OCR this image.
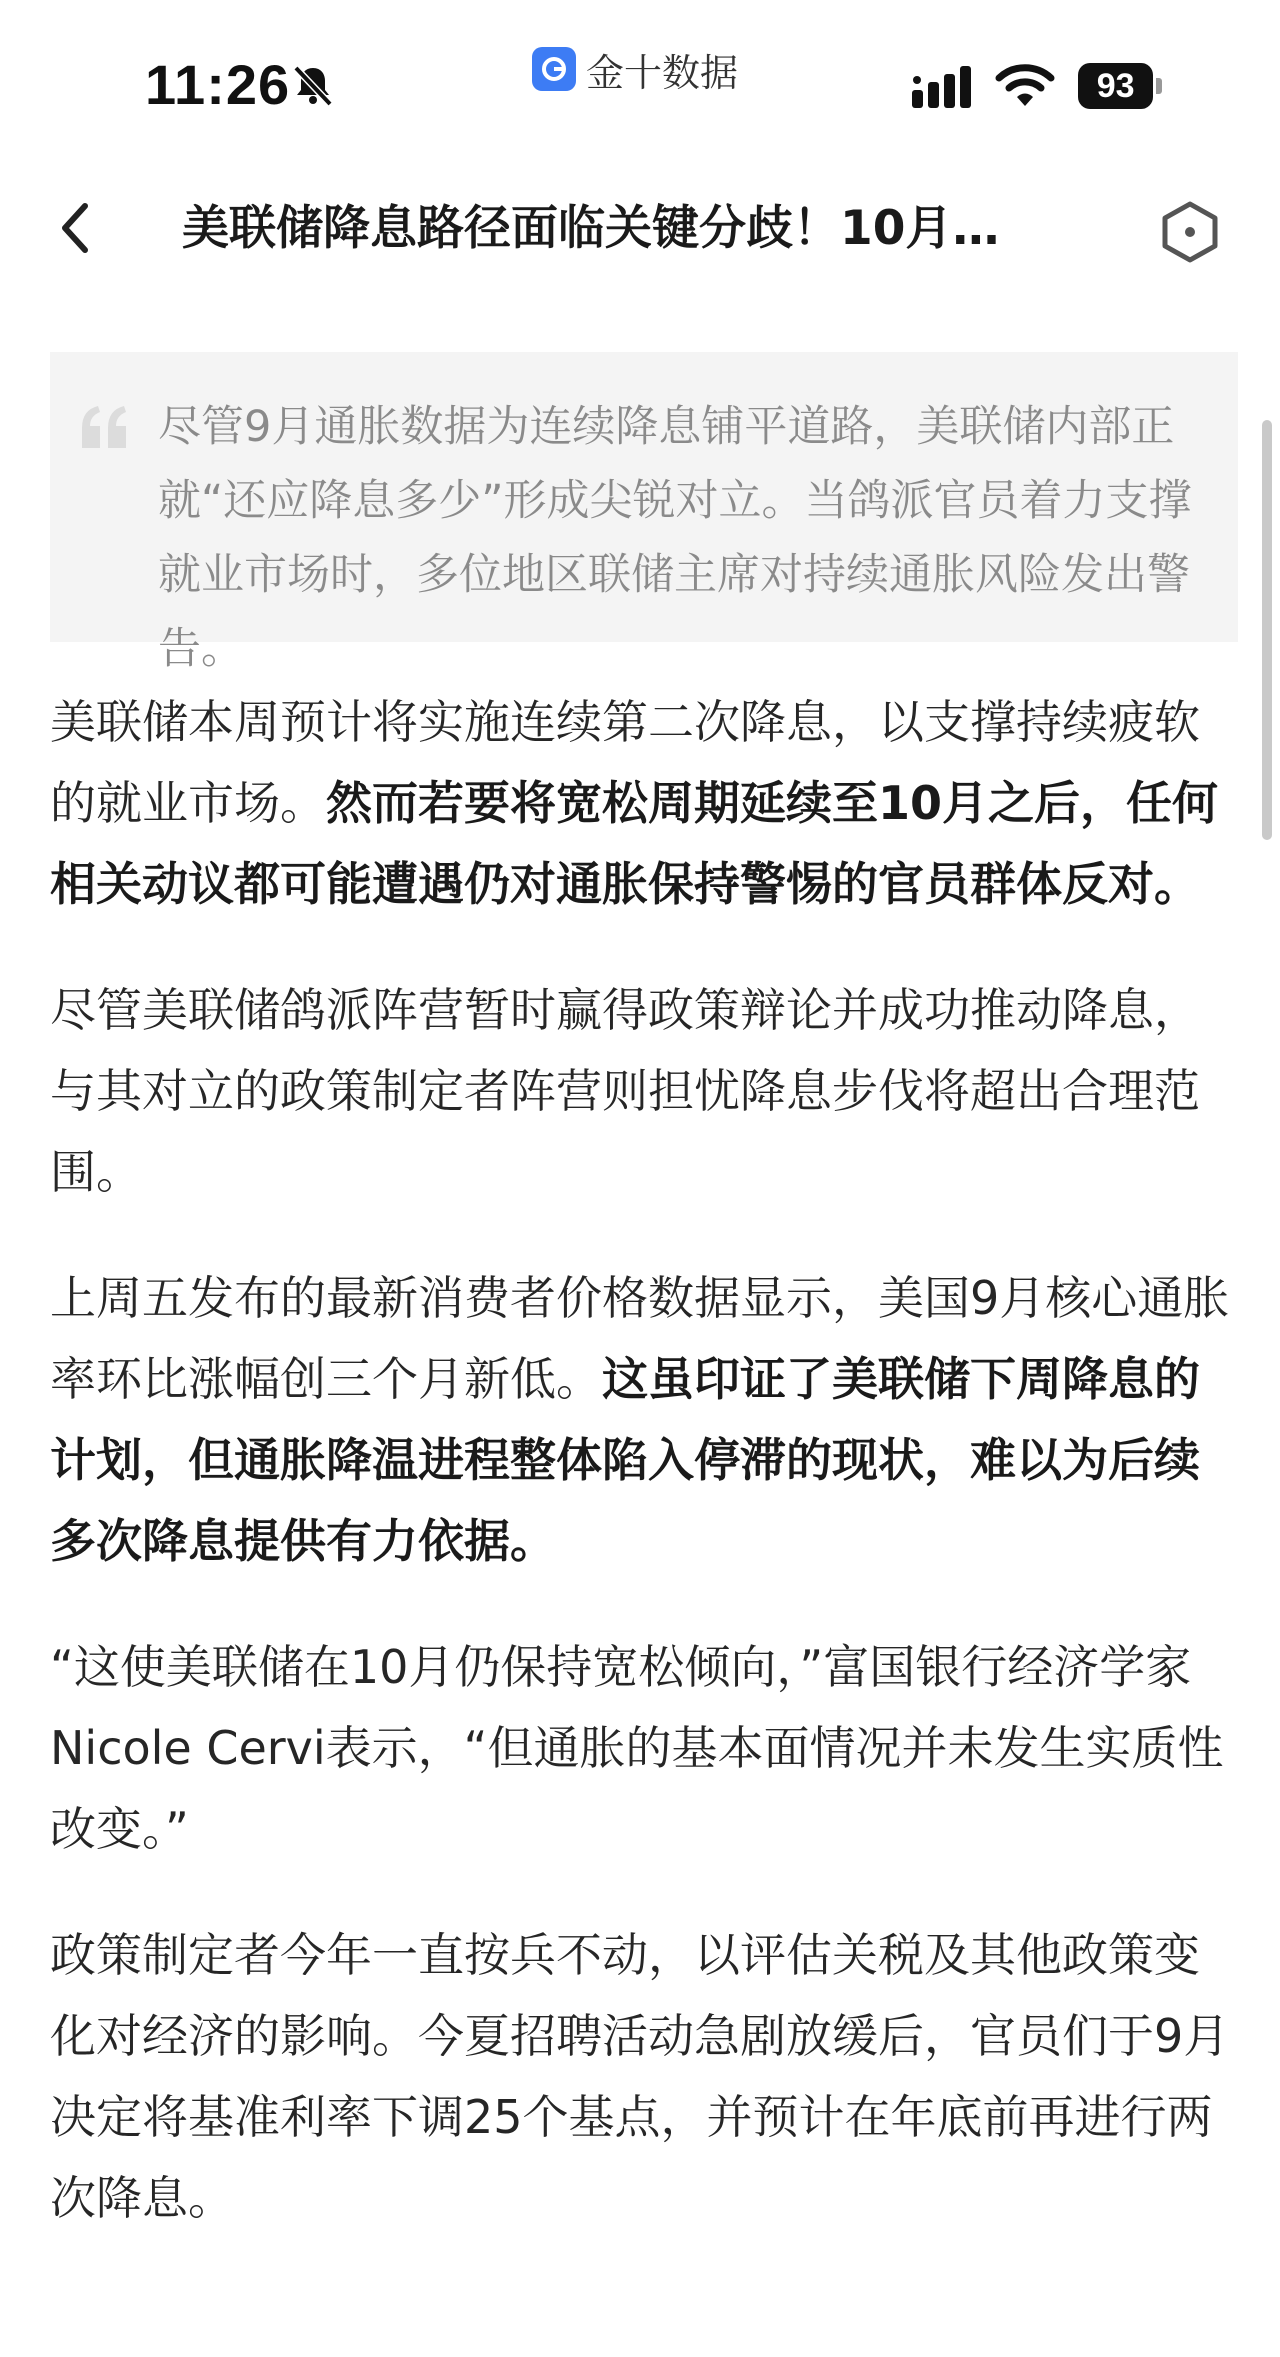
11:26	金十数据	93
美联储降息路径面临关键分歧！10月…

尽管9月通胀数据为连续降息铺平道路，美联储内部正就“还应降息多少”形成尖锐对立。当鸽派官员着力支撑就业市场时，多位地区联储主席对持续通胀风险发出警告。

美联储本周预计将实施连续第二次降息，以支撑持续疲软的就业市场。然而若要将宽松周期延续至10月之后，任何相关动议都可能遭遇仍对通胀保持警惕的官员群体反对。

尽管美联储鸽派阵营暂时赢得政策辩论并成功推动降息，与其对立的政策制定者阵营则担忧降息步伐将超出合理范围。

上周五发布的最新消费者价格数据显示，美国9月核心通胀率环比涨幅创三个月新低。这虽印证了美联储下周降息的计划，但通胀降温进程整体陷入停滞的现状，难以为后续多次降息提供有力依据。

“这使美联储在10月仍保持宽松倾向，”富国银行经济学家Nicole Cervi表示，“但通胀的基本面情况并未发生实质性改变。”

政策制定者今年一直按兵不动，以评估关税及其他政策变化对经济的影响。今夏招聘活动急剧放缓后，官员们于9月决定将基准利率下调25个基点，并预计在年底前再进行两次降息。
